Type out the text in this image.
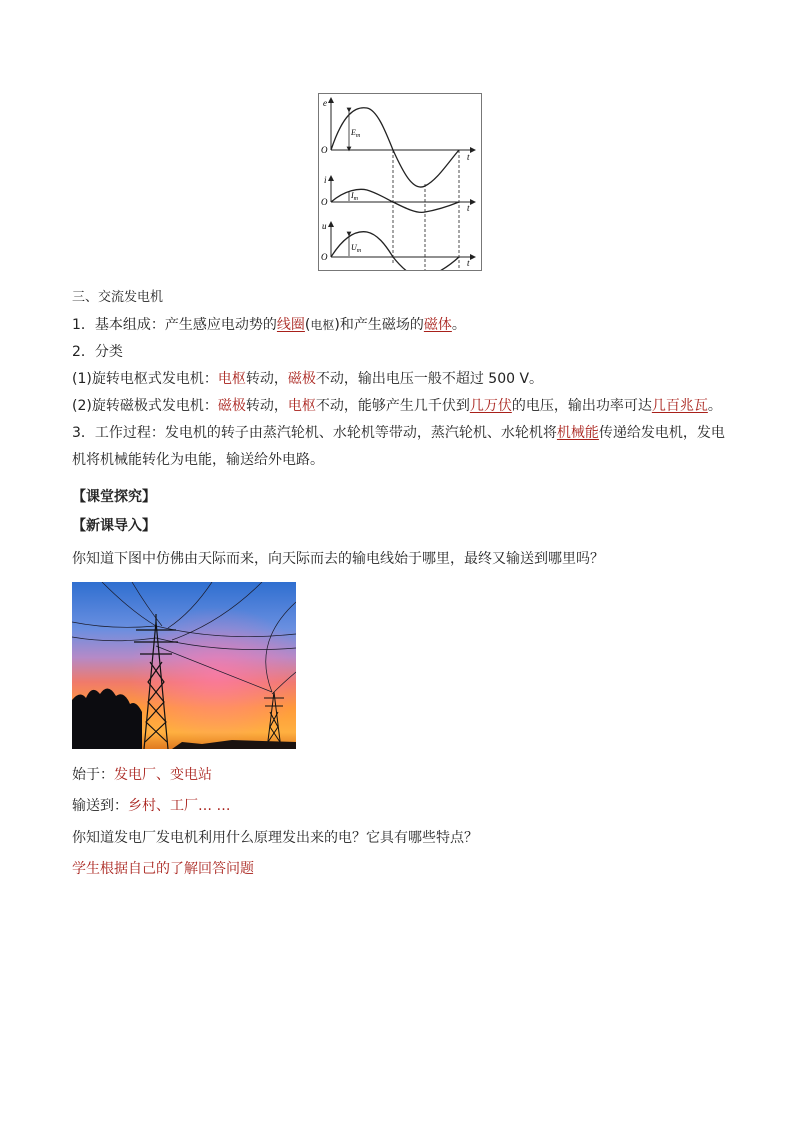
e
O
t
$E_m$
i
O
t
$I_m$
u
O
t
$U_m$
三、交流发电机
1．基本组成：产生感应电动势的线圈(电枢)和产生磁场的磁体。
2．分类
(1)旋转电枢式发电机：电枢转动，磁极不动，输出电压一般不超过 500 V。
(2)旋转磁极式发电机：磁极转动，电枢不动，能够产生几千伏到几万伏的电压，输出功率可达几百兆瓦。
3．工作过程：发电机的转子由蒸汽轮机、水轮机等带动，蒸汽轮机、水轮机将机械能传递给发电机，发电机将机械能转化为电能，输送给外电路。
【课堂探究】
【新课导入】
你知道下图中仿佛由天际而来，向天际而去的输电线始于哪里，最终又输送到哪里吗？
始于：发电厂、变电站
输送到：乡村、工厂… …
你知道发电厂发电机利用什么原理发出来的电？它具有哪些特点？
学生根据自己的了解回答问题
